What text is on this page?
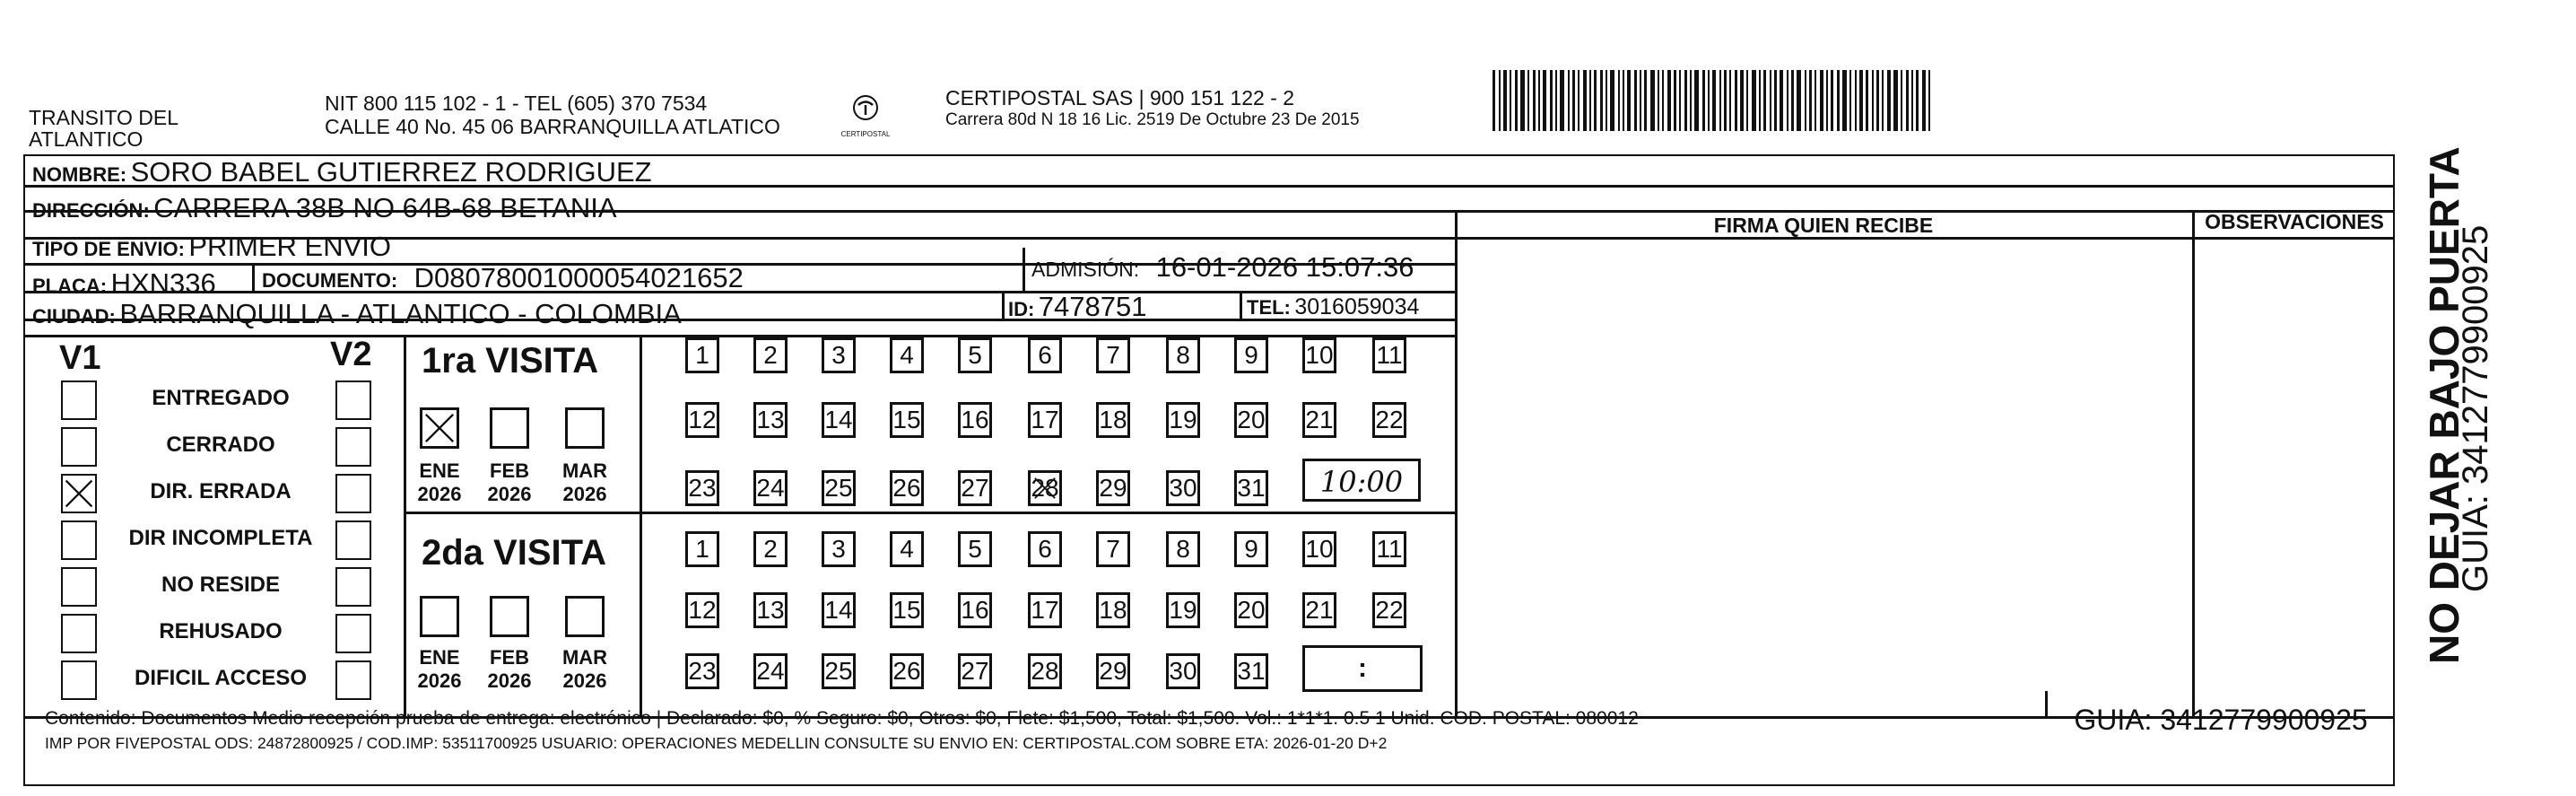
TRANSITO DEL
ATLANTICO
NIT 800 115 102 - 1 - TEL (605) 370 7534
CALLE 40 No. 45 06 BARRANQUILLA ATLATICO	CERTIPOSTAL
CERTIPOSTAL SAS | 900 151 122 - 2
Carrera 80d N 18 16 Lic. 2519 De Octubre 23 De 2015
NOMBRE: SORO BABEL GUTIERREZ RODRIGUEZ
DIRECCIÓN: CARRERA 38B NO 64B-68 BETANIA
TIPO DE ENVIO: PRIMER ENVIO
PLACA: HXN336 DOCUMENTO: D08078001000054021652	ADMISIÓN: 16-01-2026 15:07:36
CIUDAD: BARRANQUILLA - ATLANTICO - COLOMBIA	ID: 7478751	TEL: 3016059034
FIRMA QUIEN RECIBE	OBSERVACIONES
V1	V2
ENTREGADO
CERRADO
DIR. ERRADA
DIR INCOMPLETA
NO RESIDE
REHUSADO
DIFICIL ACCESO
1ra VISITA
ENE
2026
FEB
2026
MAR
2026
1 2 3 4 5 6 7 8 9 10 11
12 13 14 15 16 17 18 19 20 21 22
23 24 25 26 27 28 29 30 31	10:00
2da VISITA
ENE
2026
FEB
2026
MAR
2026
1 2 3 4 5 6 7 8 9 10 11
12 13 14 15 16 17 18 19 20 21 22
23 24 25 26 27 28 29 30 31	:
Contenido: Documentos Medio recepción prueba de entrega: electrónico | Declarado: $0, % Seguro: $0, Otros: $0, Flete: $1,500, Total: $1,500. Vol.: 1*1*1. 0.5 1 Unid. COD. POSTAL: 080012
IMP POR FIVEPOSTAL ODS: 24872800925 / COD.IMP: 53511700925 USUARIO: OPERACIONES MEDELLIN CONSULTE SU ENVIO EN: CERTIPOSTAL.COM SOBRE ETA: 2026-01-20 D+2
GUIA: 3412779900925
NO DEJAR BAJO PUERTA
GUIA: 3412779900925
